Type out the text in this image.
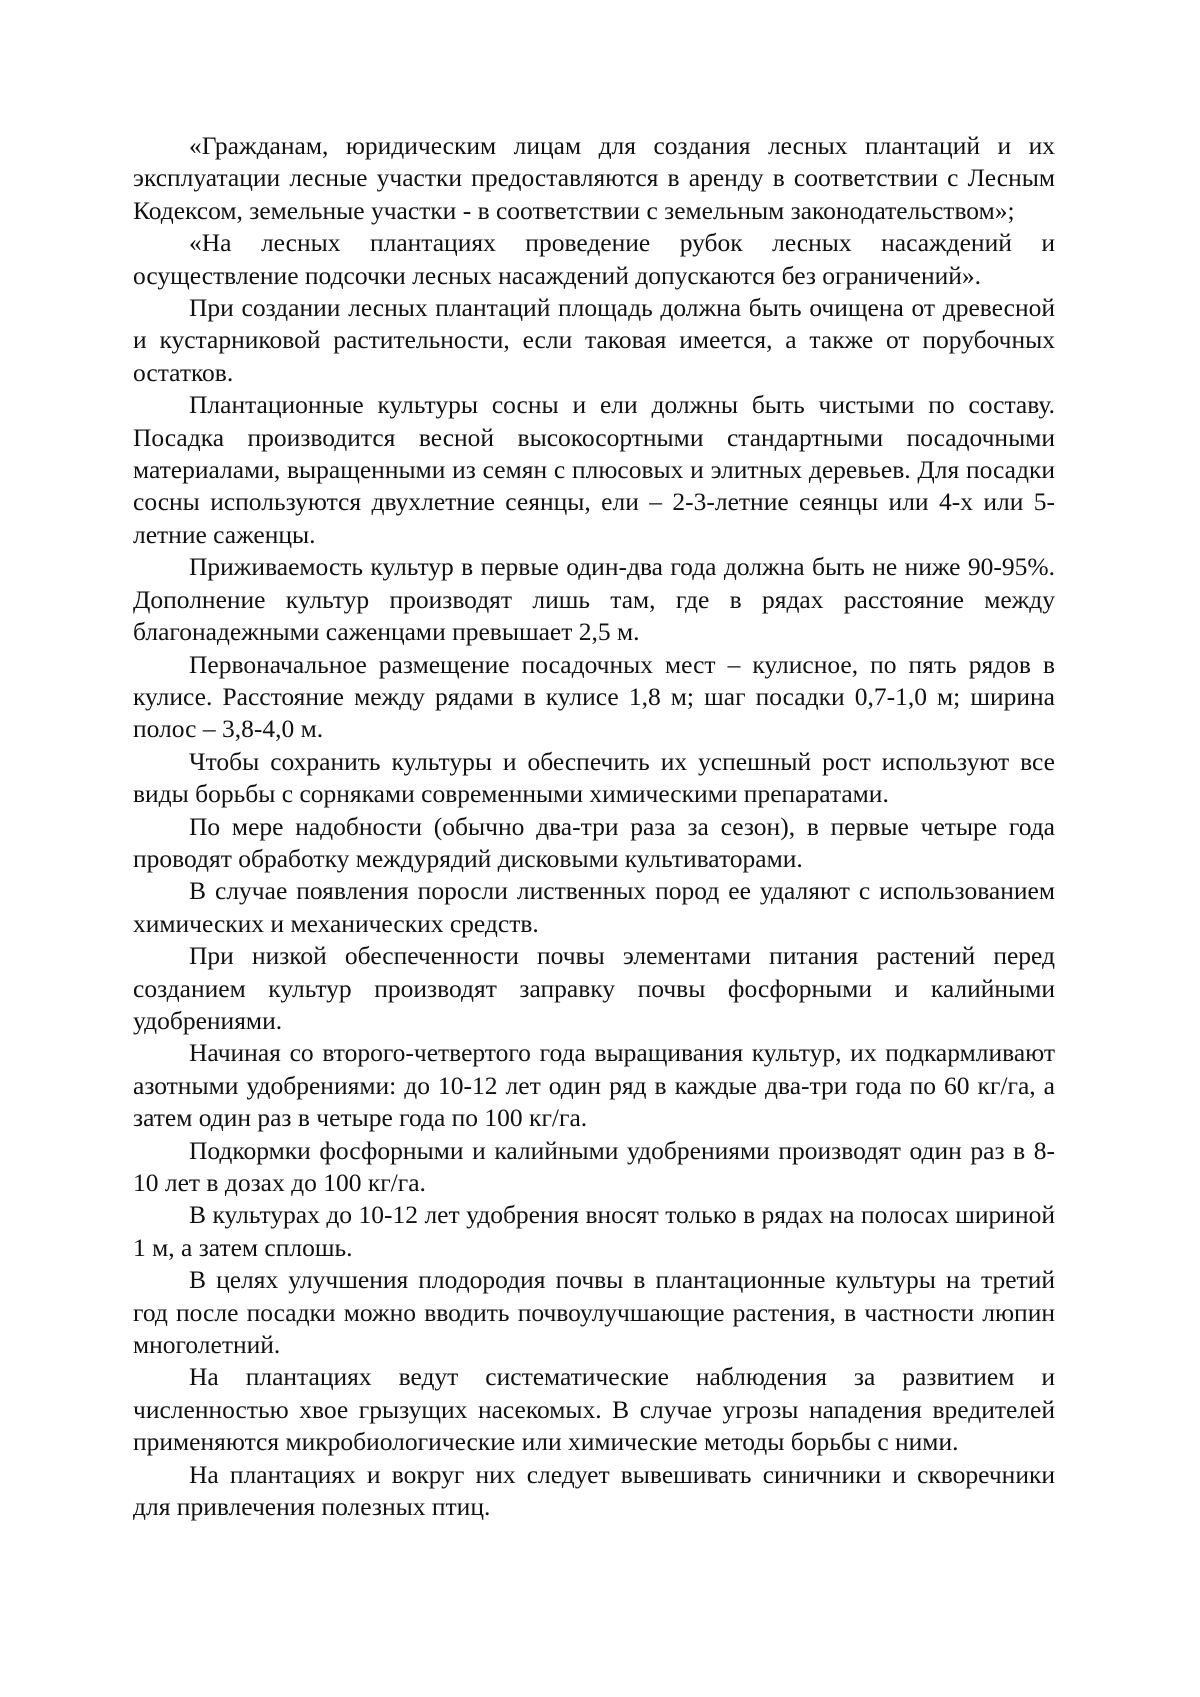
«Гражданам, юридическим лицам для создания лесных плантаций и их эксплуатации лесные участки предоставляются в аренду в соответствии с Лесным Кодексом, земельные участки - в соответствии с земельным законодательством»;

«На лесных плантациях проведение рубок лесных насаждений и осуществление подсочки лесных насаждений допускаются без ограничений».

При создании лесных плантаций площадь должна быть очищена от древесной и кустарниковой растительности, если таковая имеется, а также от порубочных остатков.

Плантационные культуры сосны и ели должны быть чистыми по составу. Посадка производится весной высокосортными стандартными посадочными материалами, выращенными из семян с плюсовых и элитных деревьев. Для посадки сосны используются двухлетние сеянцы, ели – 2-3-летние сеянцы или 4-х или 5-летние саженцы.

Приживаемость культур в первые один-два года должна быть не ниже 90-95%. Дополнение культур производят лишь там, где в рядах расстояние между благонадежными саженцами превышает 2,5 м.

Первоначальное размещение посадочных мест – кулисное, по пять рядов в кулисе. Расстояние между рядами в кулисе 1,8 м; шаг посадки 0,7-1,0 м; ширина полос – 3,8-4,0 м.

Чтобы сохранить культуры и обеспечить их успешный рост используют все виды борьбы с сорняками современными химическими препаратами.

По мере надобности (обычно два-три раза за сезон), в первые четыре года проводят обработку междурядий дисковыми культиваторами.

В случае появления поросли лиственных пород ее удаляют с использованием химических и механических средств.

При низкой обеспеченности почвы элементами питания растений перед созданием культур производят заправку почвы фосфорными и калийными удобрениями.

Начиная со второго-четвертого года выращивания культур, их подкармливают азотными удобрениями: до 10-12 лет один ряд в каждые два-три года по 60 кг/га, а затем один раз в четыре года по 100 кг/га.

Подкормки фосфорными и калийными удобрениями производят один раз в 8-10 лет в дозах до 100 кг/га.

В культурах до 10-12 лет удобрения вносят только в рядах на полосах шириной 1 м, а затем сплошь.

В целях улучшения плодородия почвы в плантационные культуры на третий год после посадки можно вводить почвоулучшающие растения, в частности люпин многолетний.

На плантациях ведут систематические наблюдения за развитием и численностью хвое грызущих насекомых. В случае угрозы нападения вредителей применяются микробиологические или химические методы борьбы с ними.

На плантациях и вокруг них следует вывешивать синичники и скворечники для привлечения полезных птиц.
